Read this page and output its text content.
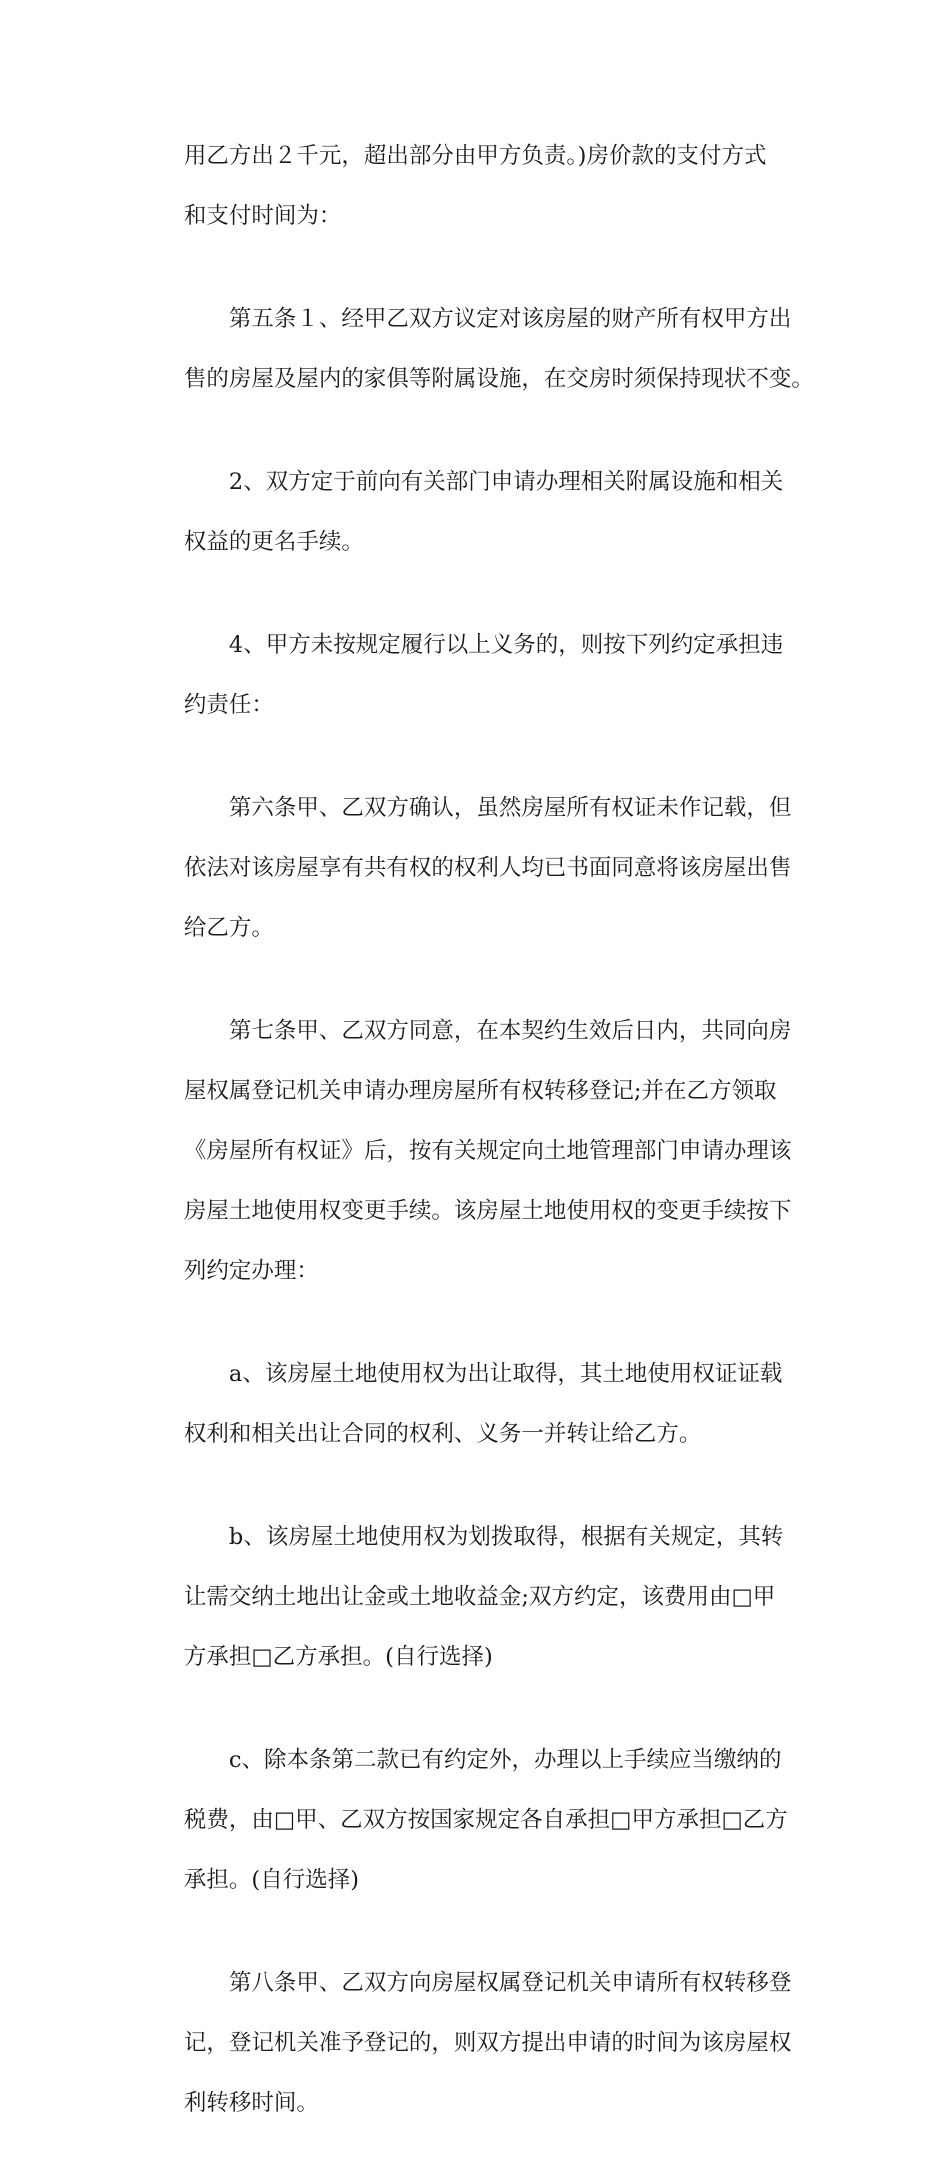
用乙方出２千元，超出部分由甲方负责。)房价款的支付方式

和支付时间为：

第五条１、经甲乙双方议定对该房屋的财产所有权甲方出

售的房屋及屋内的家俱等附属设施，在交房时须保持现状不变。

2、双方定于前向有关部门申请办理相关附属设施和相关

权益的更名手续。

4、甲方未按规定履行以上义务的，则按下列约定承担违

约责任：

第六条甲、乙双方确认，虽然房屋所有权证未作记载，但

依法对该房屋享有共有权的权利人均已书面同意将该房屋出售

给乙方。

第七条甲、乙双方同意，在本契约生效后日内，共同向房

屋权属登记机关申请办理房屋所有权转移登记;并在乙方领取

《房屋所有权证》后，按有关规定向土地管理部门申请办理该

房屋土地使用权变更手续。该房屋土地使用权的变更手续按下

列约定办理：

a、该房屋土地使用权为出让取得，其土地使用权证证载

权利和相关出让合同的权利、义务一并转让给乙方。

b、该房屋土地使用权为划拨取得，根据有关规定，其转

让需交纳土地出让金或土地收益金;双方约定，该费用由□甲

方承担□乙方承担。(自行选择)

c、除本条第二款已有约定外，办理以上手续应当缴纳的

税费，由□甲、乙双方按国家规定各自承担□甲方承担□乙方

承担。(自行选择)

第八条甲、乙双方向房屋权属登记机关申请所有权转移登

记，登记机关准予登记的，则双方提出申请的时间为该房屋权

利转移时间。
